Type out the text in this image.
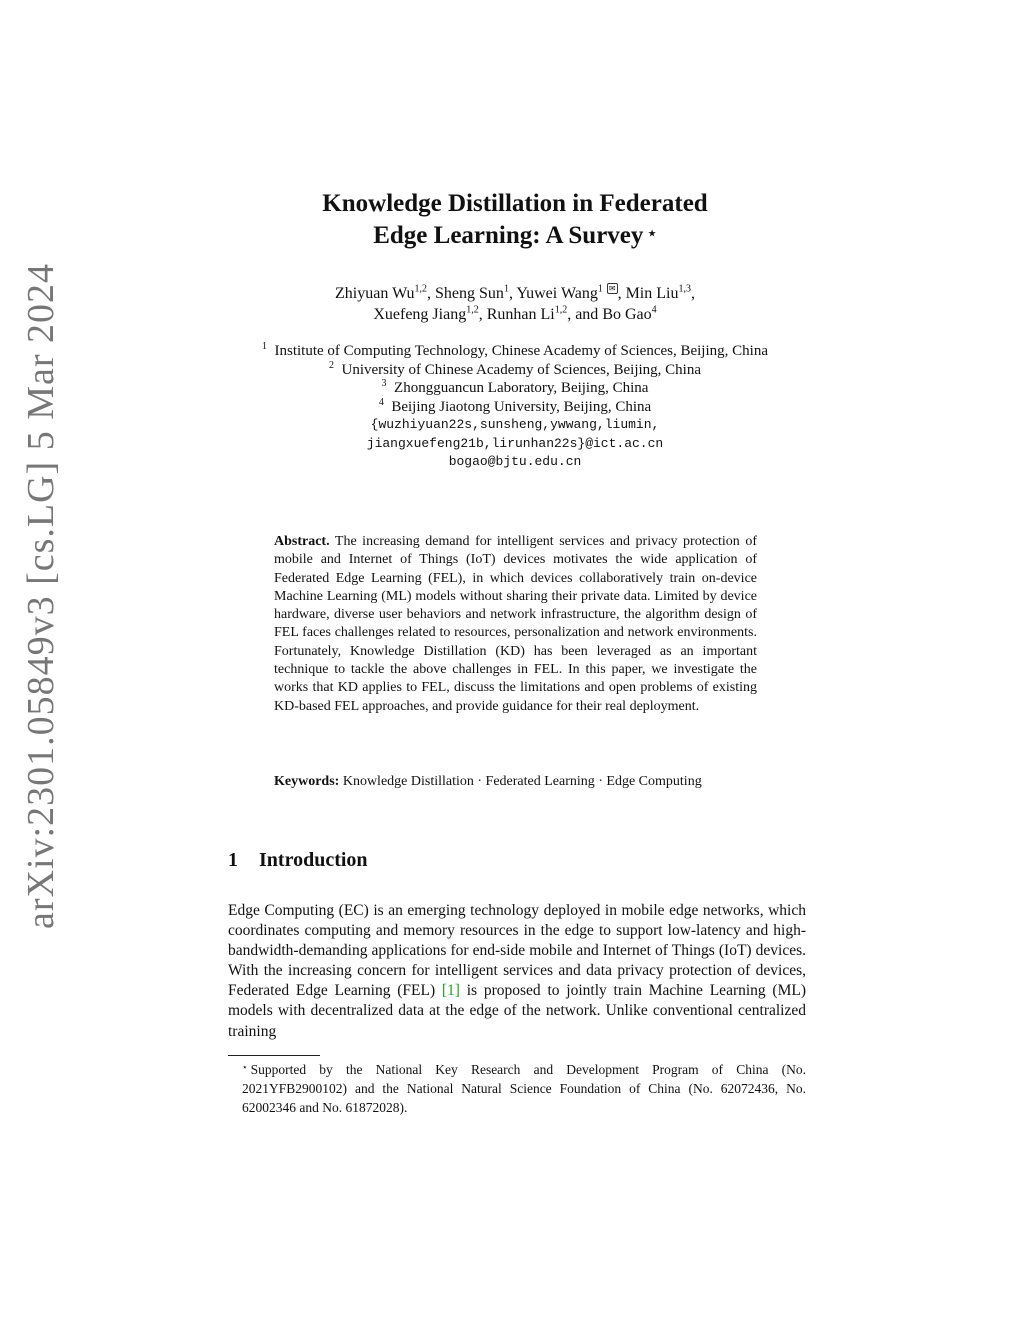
arXiv:2301.05849v3 [cs.LG] 5 Mar 2024
Knowledge Distillation in Federated
Edge Learning: A Survey ⋆
Zhiyuan Wu$^{1,2}$, Sheng Sun$^1$, Yuwei Wang$^1$ ✉ , Min Liu$^{1,3}$,
Xuefeng Jiang$^{1,2}$, Runhan Li$^{1,2}$, and Bo Gao$^4$
$^1$ Institute of Computing Technology, Chinese Academy of Sciences, Beijing, China
$^2$ University of Chinese Academy of Sciences, Beijing, China
$^3$ Zhongguancun Laboratory, Beijing, China
$^4$ Beijing Jiaotong University, Beijing, China
{wuzhiyuan22s,sunsheng,ywwang,liumin,
jiangxuefeng21b,lirunhan22s}@ict.ac.cn
bogao@bjtu.edu.cn
Abstract. The increasing demand for intelligent services and privacy protection of mobile and Internet of Things (IoT) devices motivates the wide application of Federated Edge Learning (FEL), in which devices collaboratively train on-device Machine Learning (ML) models without sharing their private data. Limited by device hardware, diverse user behaviors and network infrastructure, the algorithm design of FEL faces challenges related to resources, personalization and network environments. Fortunately, Knowledge Distillation (KD) has been leveraged as an important technique to tackle the above challenges in FEL. In this paper, we investigate the works that KD applies to FEL, discuss the limitations and open problems of existing KD-based FEL approaches, and provide guidance for their real deployment.
Keywords: Knowledge Distillation · Federated Learning · Edge Computing
1 Introduction
Edge Computing (EC) is an emerging technology deployed in mobile edge networks, which coordinates computing and memory resources in the edge to support low-latency and high-bandwidth-demanding applications for end-side mobile and Internet of Things (IoT) devices. With the increasing concern for intelligent services and data privacy protection of devices, Federated Edge Learning (FEL) [1] is proposed to jointly train Machine Learning (ML) models with decentralized data at the edge of the network. Unlike conventional centralized training
⋆ Supported by the National Key Research and Development Program of China (No. 2021YFB2900102) and the National Natural Science Foundation of China (No. 62072436, No. 62002346 and No. 61872028).
